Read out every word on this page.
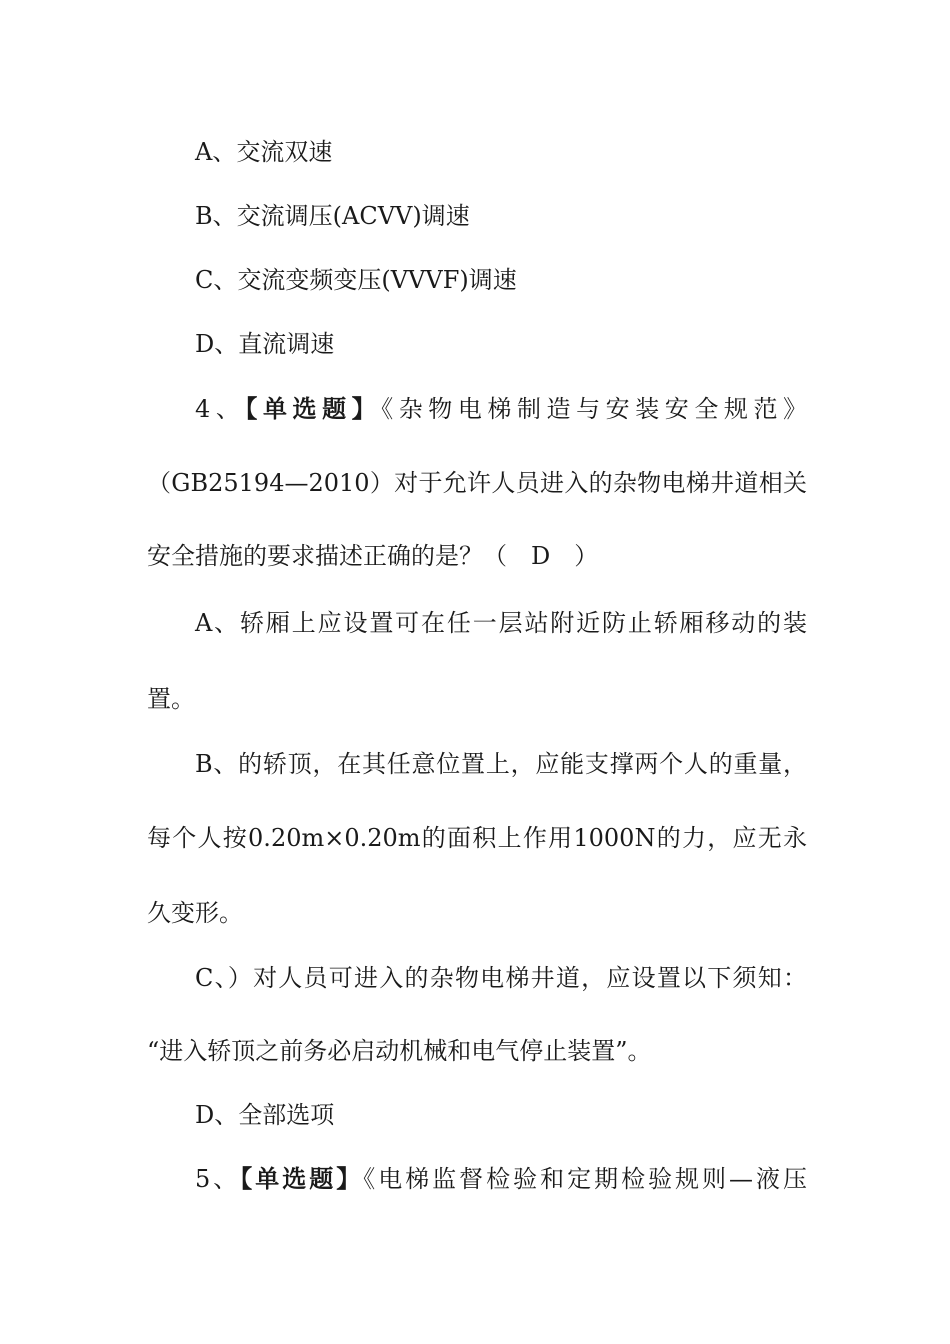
A、交流双速
B、交流调压(ACVV)调速
C、交流变频变压(VVVF)调速
D、直流调速
4、【单选题】《杂物电梯制造与安装安全规范》
（GB25194—2010）对于允许人员进入的杂物电梯井道相关
安全措施的要求描述正确的是？（　D　）
A、轿厢上应设置可在任一层站附近防止轿厢移动的装
置。
B、的轿顶，在其任意位置上，应能支撑两个人的重量，
每个人按0.20m×0.20m的面积上作用1000N的力，应无永
久变形。
C、）对人员可进入的杂物电梯井道，应设置以下须知：
“进入轿顶之前务必启动机械和电气停止装置”。
D、全部选项
5、【单选题】《电梯监督检验和定期检验规则—液压
